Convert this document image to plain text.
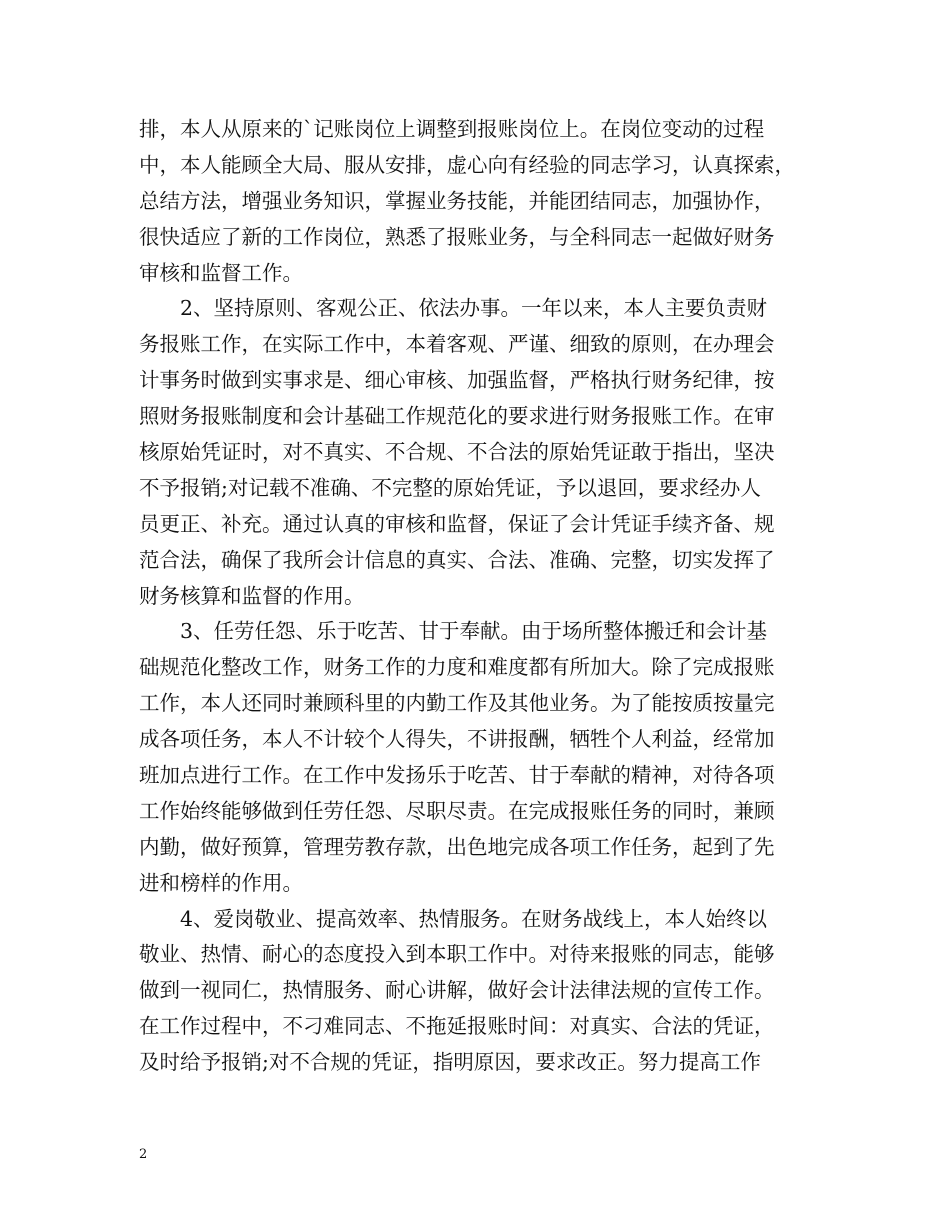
排，本人从原来的`记账岗位上调整到报账岗位上。在岗位变动的过程
中，本人能顾全大局、服从安排，虚心向有经验的同志学习，认真探索，
总结方法，增强业务知识，掌握业务技能，并能团结同志，加强协作，
很快适应了新的工作岗位，熟悉了报账业务，与全科同志一起做好财务
审核和监督工作。
2、坚持原则、客观公正、依法办事。一年以来，本人主要负责财
务报账工作，在实际工作中，本着客观、严谨、细致的原则，在办理会
计事务时做到实事求是、细心审核、加强监督，严格执行财务纪律，按
照财务报账制度和会计基础工作规范化的要求进行财务报账工作。在审
核原始凭证时，对不真实、不合规、不合法的原始凭证敢于指出，坚决
不予报销;对记载不准确、不完整的原始凭证，予以退回，要求经办人
员更正、补充。通过认真的审核和监督，保证了会计凭证手续齐备、规
范合法，确保了我所会计信息的真实、合法、准确、完整，切实发挥了
财务核算和监督的作用。
3、任劳任怨、乐于吃苦、甘于奉献。由于场所整体搬迁和会计基
础规范化整改工作，财务工作的力度和难度都有所加大。除了完成报账
工作，本人还同时兼顾科里的内勤工作及其他业务。为了能按质按量完
成各项任务，本人不计较个人得失，不讲报酬，牺牲个人利益，经常加
班加点进行工作。在工作中发扬乐于吃苦、甘于奉献的精神，对待各项
工作始终能够做到任劳任怨、尽职尽责。在完成报账任务的同时，兼顾
内勤，做好预算，管理劳教存款，出色地完成各项工作任务，起到了先
进和榜样的作用。
4、爱岗敬业、提高效率、热情服务。在财务战线上，本人始终以
敬业、热情、耐心的态度投入到本职工作中。对待来报账的同志，能够
做到一视同仁，热情服务、耐心讲解，做好会计法律法规的宣传工作。
在工作过程中，不刁难同志、不拖延报账时间：对真实、合法的凭证，
及时给予报销;对不合规的凭证，指明原因，要求改正。努力提高工作
2
